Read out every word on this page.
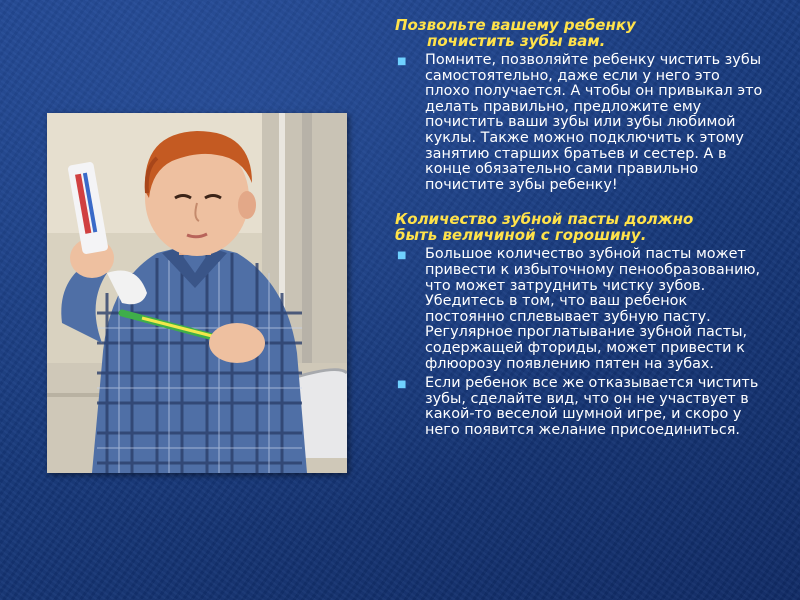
Позвольте вашему ребенку
почистить зубы вам.
■ Помните, позволяйте ребенку чистить зубы самостоятельно, даже если у него это плохо получается. А чтобы он привыкал это делать правильно, предложите ему почистить ваши зубы или зубы любимой куклы. Также можно подключить к этому занятию старших братьев и сестер. А в конце обязательно сами правильно почистите зубы ребенку!
Количество зубной пасты должно
быть величиной с горошину.
■ Большое количество зубной пасты может привести к избыточному пенообразованию, что может затруднить чистку зубов. Убедитесь в том, что ваш ребенок постоянно сплевывает зубную пасту. Регулярное проглатывание зубной пасты, содержащей фториды, может привести к флюорозу появлению пятен на зубах.
■ Если ребенок все же отказывается чистить зубы, сделайте вид, что он не участвует в какой-то веселой шумной игре, и скоро у него появится желание присоединиться.
